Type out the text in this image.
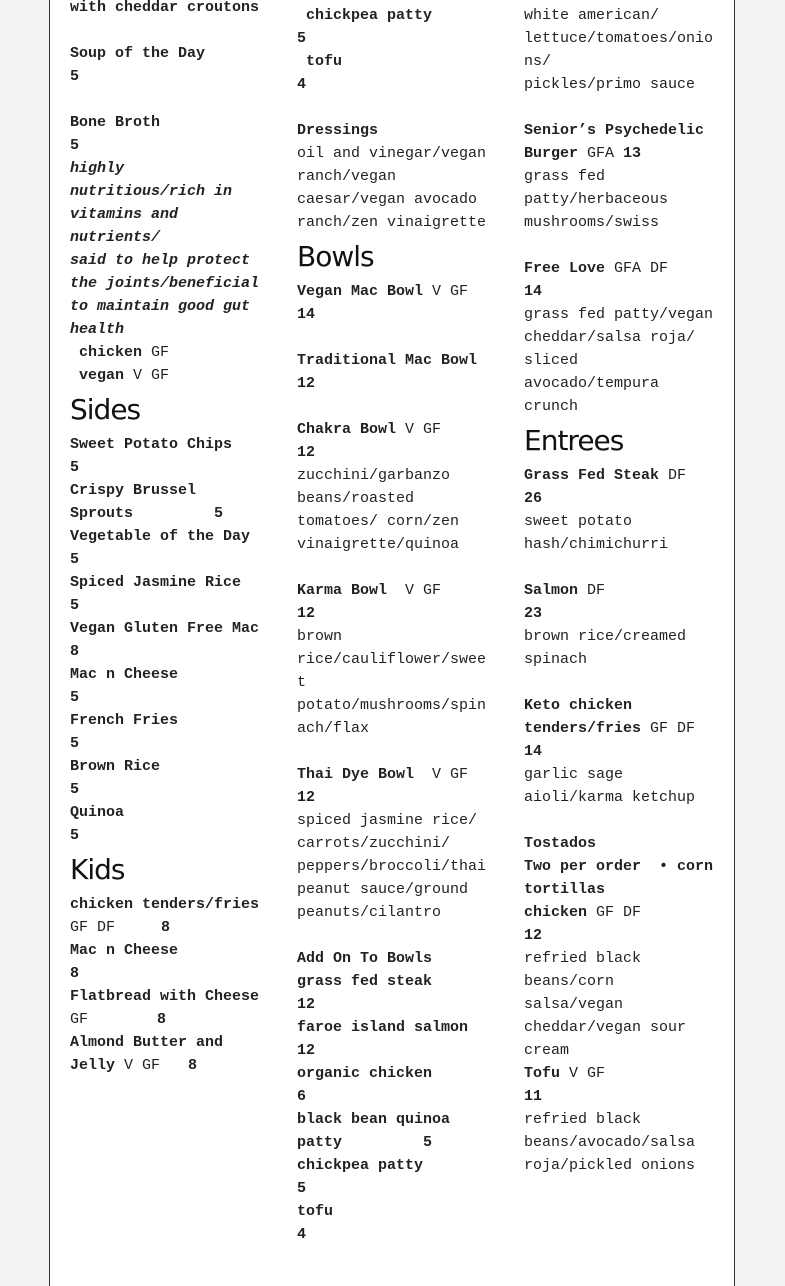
with cheddar croutons
Soup of the Day
5
Bone Broth
5
highly
nutritious/rich in
vitamins and
nutrients/
said to help protect
the joints/beneficial
to maintain good gut
health
chicken GF
vegan V GF
Sides
Sweet Potato Chips
5
Crispy Brussel
Sprouts         5
Vegetable of the Day
5
Spiced Jasmine Rice
5
Vegan Gluten Free Mac
8
Mac n Cheese
5
French Fries
5
Brown Rice
5
Quinoa
5
Kids
chicken tenders/fries
GF DF	8
Mac n Cheese
8
Flatbread with Cheese
GF	8
Almond Butter and
Jelly V GF 8
chickpea patty
5
tofu
4
Dressings
oil and vinegar/vegan
ranch/vegan
caesar/vegan avocado
ranch/zen vinaigrette
Bowls
Vegan Mac Bowl V GF
14
Traditional Mac Bowl
12
Chakra Bowl V GF
12
zucchini/garbanzo
beans/roasted
tomatoes/ corn/zen
vinaigrette/quinoa
Karma Bowl  V GF
12
brown
rice/cauliflower/swee
t
potato/mushrooms/spin
ach/flax
Thai Dye Bowl  V GF
12
spiced jasmine rice/
carrots/zucchini/
peppers/broccoli/thai
peanut sauce/ground
peanuts/cilantro
Add On To Bowls
grass fed steak
12
faroe island salmon
12
organic chicken
6
black bean quinoa
patty         5
chickpea patty
5
tofu
4
white american/
lettuce/tomatoes/onio
ns/
pickles/primo sauce
Senior’s Psychedelic
Burger GFA 13
grass fed
patty/herbaceous
mushrooms/swiss
Free Love GFA DF
14
grass fed patty/vegan
cheddar/salsa roja/
sliced
avocado/tempura
crunch
Entrees
Grass Fed Steak DF
26
sweet potato
hash/chimichurri
Salmon DF
23
brown rice/creamed
spinach
Keto chicken
tenders/fries GF DF
14
garlic sage
aioli/karma ketchup
Tostados
Two per order  • corn
tortillas
chicken GF DF
12
refried black
beans/corn
salsa/vegan
cheddar/vegan sour
cream
Tofu V GF
11
refried black
beans/avocado/salsa
roja/pickled onions
